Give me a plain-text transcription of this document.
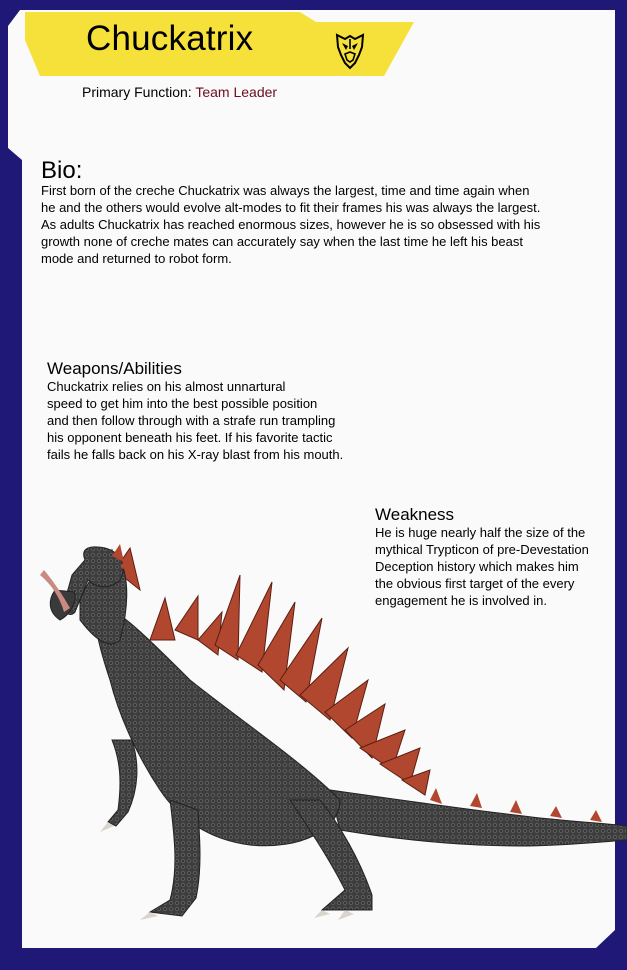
Chuckatrix
Primary Function: Team Leader
Bio:
First born of the creche Chuckatrix was always the largest, time and time again when
he and the others would evolve alt-modes to fit their frames his was always the largest.
As adults Chuckatrix has reached enormous sizes, however he is so obsessed with his
growth none of creche mates can accurately say when the last time he left his beast
mode and returned to robot form.
Weapons/Abilities
Chuckatrix relies on his almost unnartural
speed to get him into the best possible position
and then follow through with a strafe run trampling
his opponent beneath his feet. If his favorite tactic
fails he falls back on his X-ray blast from his mouth.
Weakness
He is huge nearly half the size of the
mythical Trypticon of pre-Devestation
Deception history which makes him
the obvious first target of the every
engagement he is involved in.
